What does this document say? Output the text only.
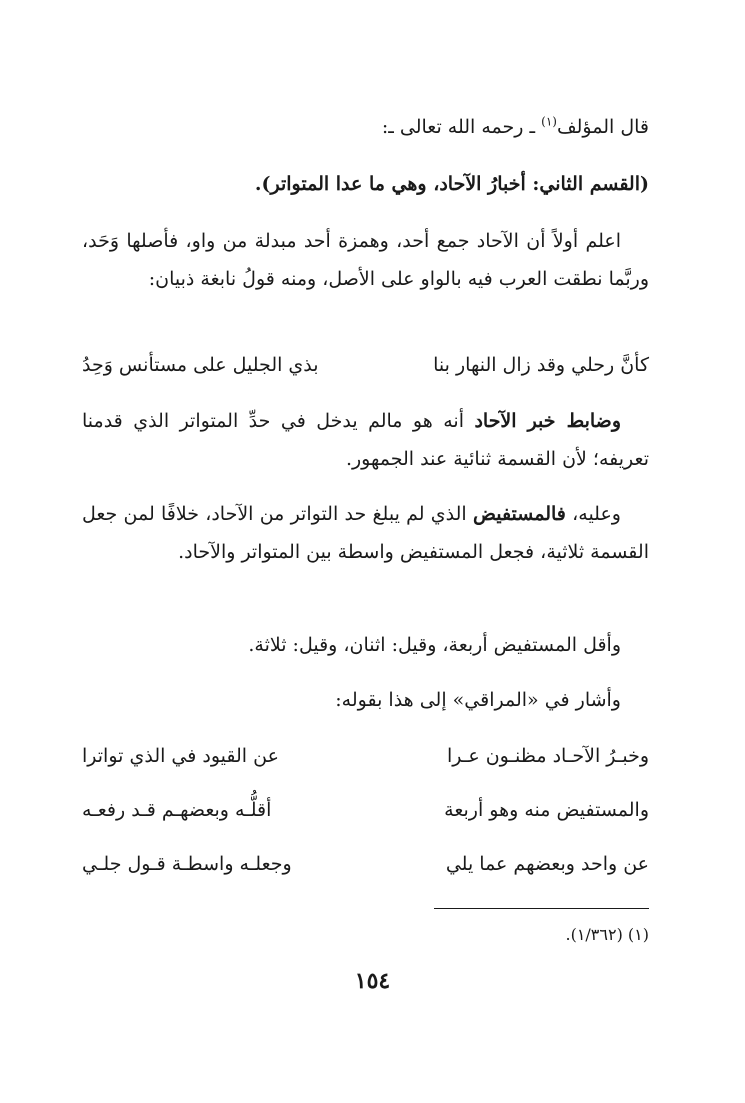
قال المؤلف$^{(١)}$ ـ رحمه الله تعالى ـ:
(القسم الثاني: أخبارُ الآحاد، وهي ما عدا المتواتر).
اعلم أولاً أن الآحاد جمع أحد، وهمزة أحد مبدلة من واو، فأصلها وَحَد، وربَّما نطقت العرب فيه بالواو على الأصل، ومنه قولُ نابغة ذبيان:
كأنَّ رحلي وقد زال النهار بنا
بذي الجليل على مستأنس وَحِدُ
وضابط خبر الآحاد أنه هو مالم يدخل في حدِّ المتواتر الذي قدمنا تعريفه؛ لأن القسمة ثنائية عند الجمهور.
وعليه، فالمستفيض الذي لم يبلغ حد التواتر من الآحاد، خلافًا لمن جعل القسمة ثلاثية، فجعل المستفيض واسطة بين المتواتر والآحاد.
وأقل المستفيض أربعة، وقيل: اثنان، وقيل: ثلاثة.
وأشار في «المراقي» إلى هذا بقوله:
وخبـرُ الآحـاد مظنـون عـرا
عن القيود في الذي تواترا
والمستفيض منه وهو أربعة
أقلُّـه وبعضهـم قـد رفعـه
عن واحد وبعضهم عما يلي
وجعلـه واسطـة قـول جلـي
(١) (١/٣٦٢).
١٥٤
